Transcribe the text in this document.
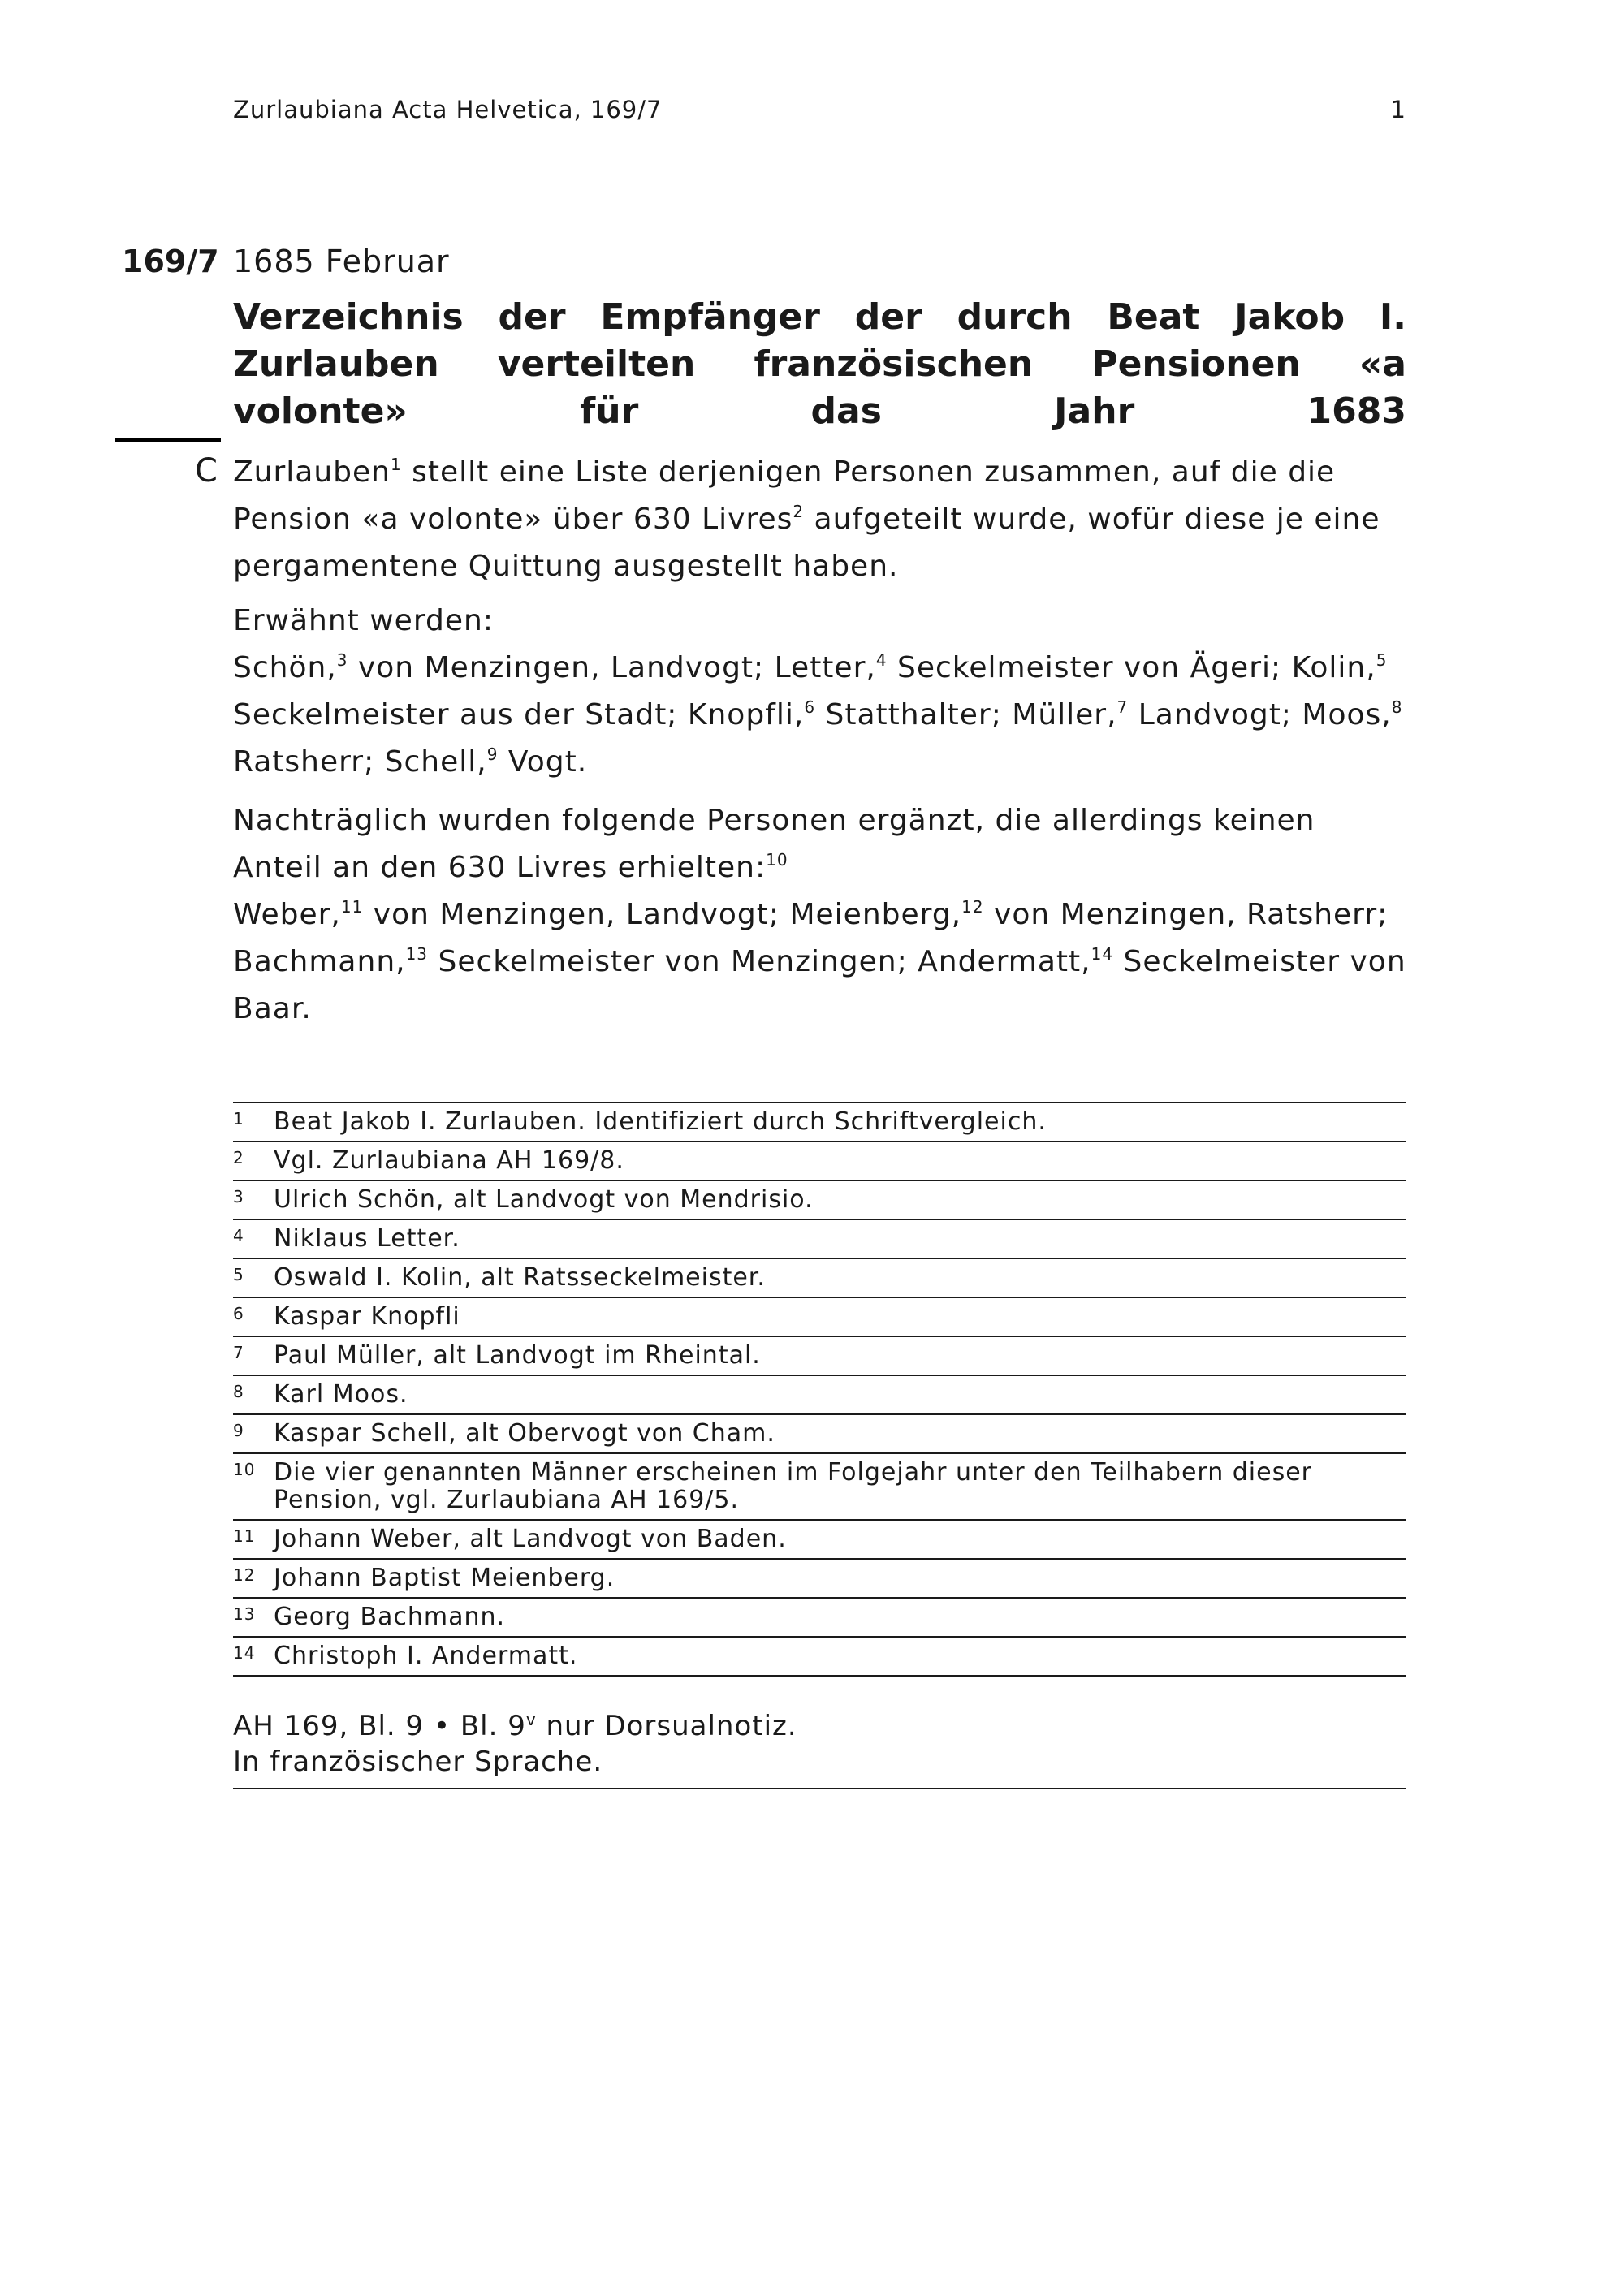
Zurlaubiana Acta Helvetica, 169/7	1
169/7 1685 Februar
Verzeichnis der Empfänger der durch Beat Jakob I. Zurlauben verteilten französischen Pensionen «a volonte» für das Jahr 1683
C Zurlauben$^1$ stellt eine Liste derjenigen Personen zusammen, auf die die Pension «a volonte» über 630 Livres$^2$ aufgeteilt wurde, wofür diese je eine pergamentene Quittung ausgestellt haben.
Erwähnt werden:
Schön,$^3$ von Menzingen, Landvogt; Letter,$^4$ Seckelmeister von Ägeri; Kolin,$^5$ Seckelmeister aus der Stadt; Knopfli,$^6$ Statthalter; Müller,$^7$ Landvogt; Moos,$^8$ Ratsherr; Schell,$^9$ Vogt.
Nachträglich wurden folgende Personen ergänzt, die allerdings keinen Anteil an den 630 Livres erhielten:$^{10}$
Weber,$^{11}$ von Menzingen, Landvogt; Meienberg,$^{12}$ von Menzingen, Ratsherr; Bachmann,$^{13}$ Seckelmeister von Menzingen; Andermatt,$^{14}$ Seckelmeister von Baar.
1 Beat Jakob I. Zurlauben. Identifiziert durch Schriftvergleich.
2 Vgl. Zurlaubiana AH 169/8.
3 Ulrich Schön, alt Landvogt von Mendrisio.
4 Niklaus Letter.
5 Oswald I. Kolin, alt Ratsseckelmeister.
6 Kaspar Knopfli
7 Paul Müller, alt Landvogt im Rheintal.
8 Karl Moos.
9 Kaspar Schell, alt Obervogt von Cham.
10 Die vier genannten Männer erscheinen im Folgejahr unter den Teilhabern dieser Pension, vgl. Zurlaubiana AH 169/5.
11 Johann Weber, alt Landvogt von Baden.
12 Johann Baptist Meienberg.
13 Georg Bachmann.
14 Christoph I. Andermatt.
AH 169, Bl. 9 • Bl. 9$^v$ nur Dorsualnotiz.
In französischer Sprache.
